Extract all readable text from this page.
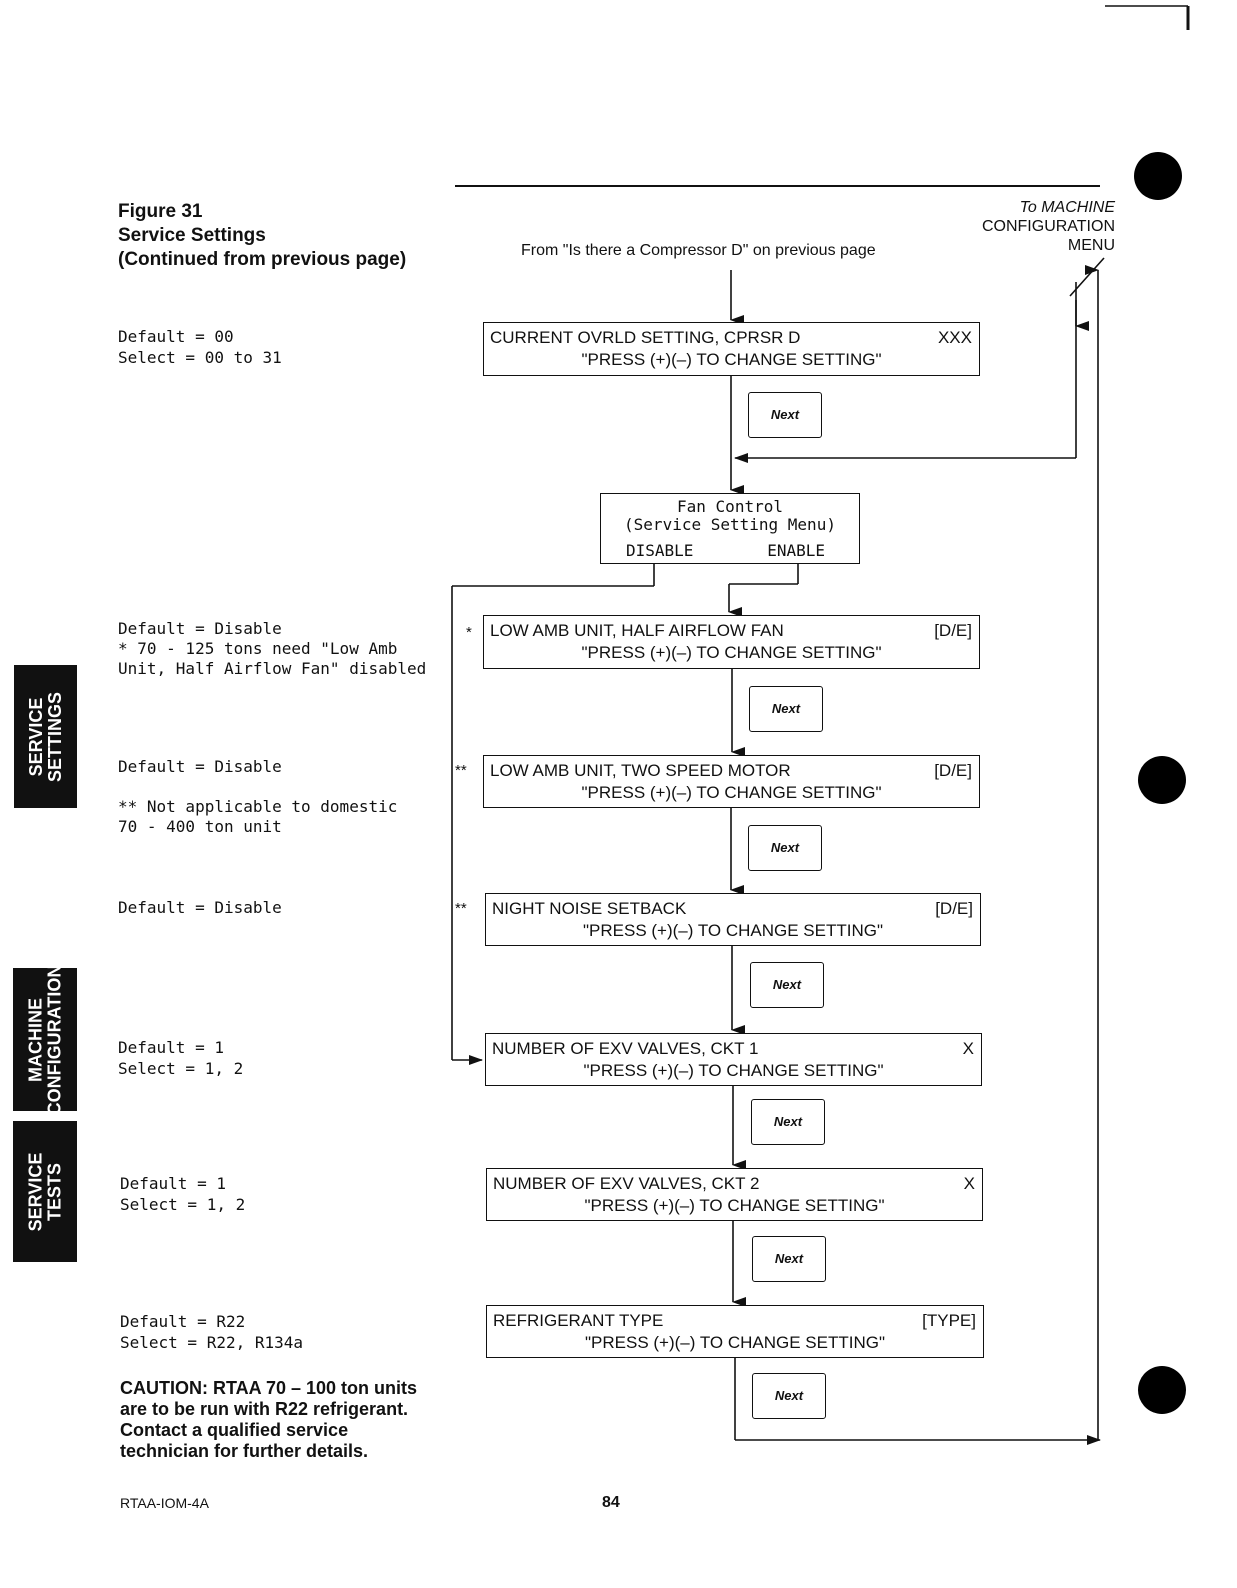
Figure 31
Service Settings
(Continued from previous page)	From "Is there a Compressor D" on previous page
To MACHINE
CONFIGURATION
MENU
Default = 00
Select = 00 to 31
Default = Disable
* 70 - 125 tons need "Low Amb
Unit, Half Airflow Fan" disabled
Default = Disable

** Not applicable to domestic
70 - 400 ton unit
Default = Disable
Default = 1
Select = 1, 2
Default = 1
Select = 1, 2
Default = R22
Select = R22, R134a
CAUTION: RTAA 70 – 100 ton units are to be run with R22 refrigerant. Contact a qualified service technician for further details.
Fan Control
(Service Setting Menu)
DISABLE	ENABLE
CURRENT OVRLD SETTING, CPRSR D	XXX
"PRESS (+)(–) TO CHANGE SETTING"
* LOW AMB UNIT, HALF AIRFLOW FAN	[D/E]
"PRESS (+)(–) TO CHANGE SETTING"
** LOW AMB UNIT, TWO SPEED MOTOR	[D/E]
"PRESS (+)(–) TO CHANGE SETTING"
** NIGHT NOISE SETBACK	[D/E]
"PRESS (+)(–) TO CHANGE SETTING"
NUMBER OF EXV VALVES, CKT 1	X
"PRESS (+)(–) TO CHANGE SETTING"
NUMBER OF EXV VALVES, CKT 2	X
"PRESS (+)(–) TO CHANGE SETTING"
REFRIGERANT TYPE	[TYPE]
"PRESS (+)(–) TO CHANGE SETTING"
Next
Next
Next
Next
Next
Next
Next
SERVICE
SETTINGS
MACHINE
CONFIGURATION
SERVICE
TESTS
RTAA-IOM-4A	84
